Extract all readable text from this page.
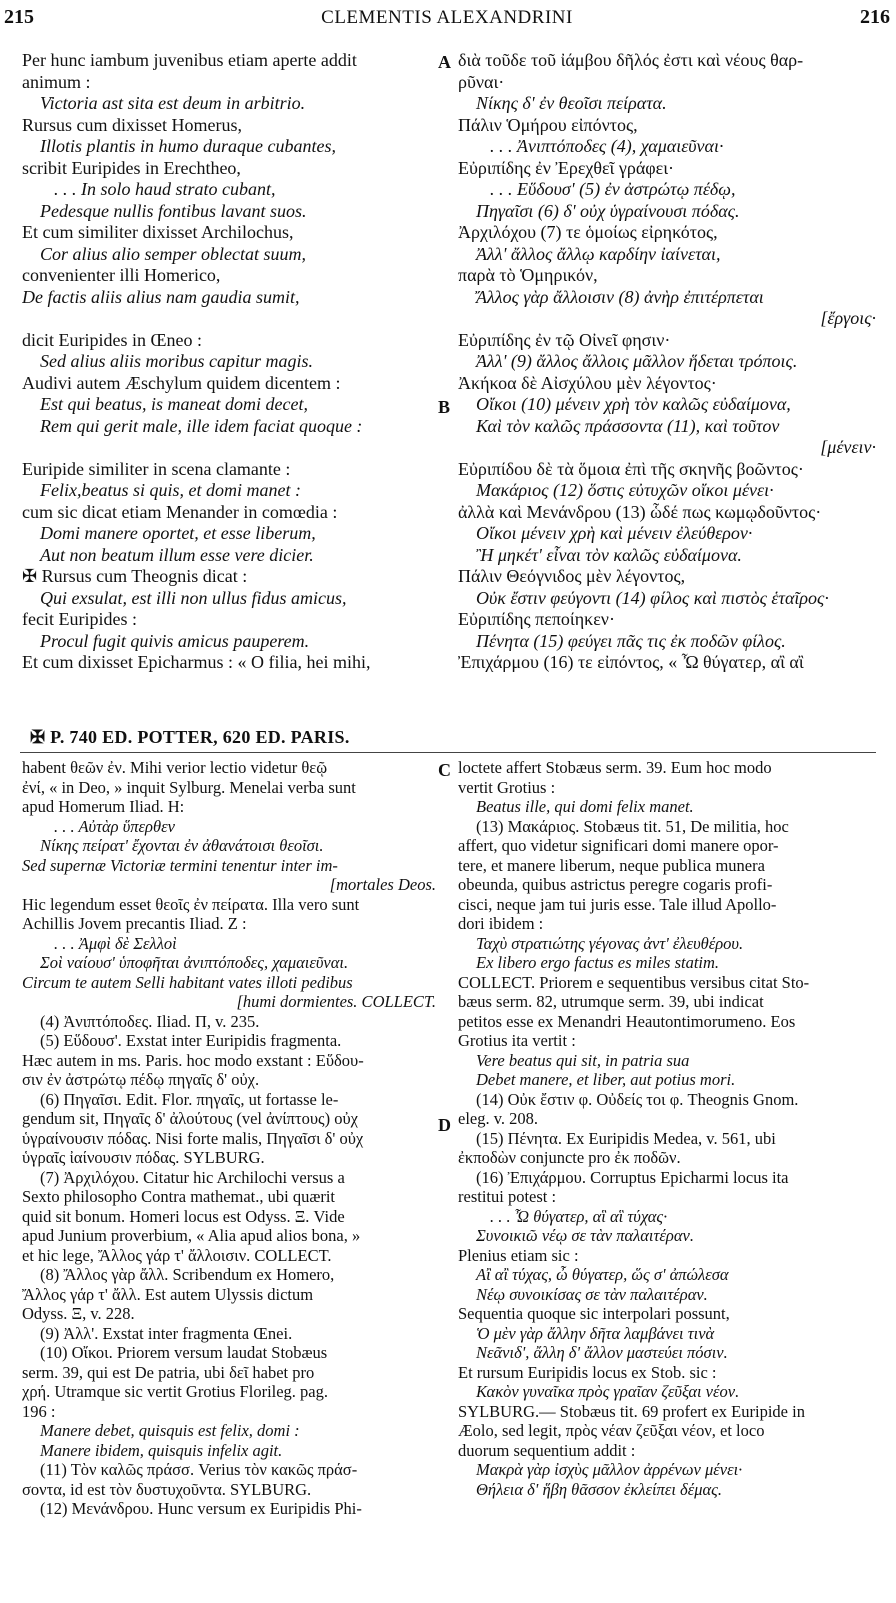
215	CLEMENTIS ALEXANDRINI	216
A
B
C
D
Per hunc iambum juvenibus etiam aperte addit
animum :
Victoria ast sita est deum in arbitrio.
Rursus cum dixisset Homerus,
Illotis plantis in humo duraque cubantes,
scribit Euripides in Erechtheo,
. . . In solo haud strato cubant,
Pedesque nullis fontibus lavant suos.
Et cum similiter dixisset Archilochus,
Cor alius alio semper oblectat suum,
convenienter illi Homerico,
De factis aliis alius nam gaudia sumit,
dicit Euripides in Œneo :
Sed alius aliis moribus capitur magis.
Audivi autem Æschylum quidem dicentem :
Est qui beatus, is maneat domi decet,
Rem qui gerit male, ille idem faciat quoque :
Euripide similiter in scena clamante :
Felix,beatus si quis, et domi manet :
cum sic dicat etiam Menander in comœdia :
Domi manere oportet, et esse liberum,
Aut non beatum illum esse vere dicier.
✠ Rursus cum Theognis dicat :
Qui exsulat, est illi non ullus fidus amicus,
fecit Euripides :
Procul fugit quivis amicus pauperem.
Et cum dixisset Epicharmus : « O filia, hei mihi,
διὰ τοῦδε τοῦ ἰάμβου δῆλός ἐστι καὶ νέους θαρ-
ρῦναι·
Νίκης δ' ἐν θεοῖσι πείρατα.
Πάλιν Ὁμήρου εἰπόντος,
. . . Ἀνιπτόποδες (4), χαμαιεῦναι·
Εὐριπίδης ἐν Ἐρεχθεῖ γράφει·
. . . Εὕδουσ' (5) ἐν ἀστρώτῳ πέδῳ,
Πηγαῖσι (6) δ' οὐχ ὑγραίνουσι πόδας.
Ἀρχιλόχου (7) τε ὁμοίως εἰρηκότος,
Ἀλλ' ἄλλος ἄλλῳ καρδίην ἰαίνεται,
παρὰ τὸ Ὁμηρικόν,
Ἄλλος γὰρ ἄλλοισιν (8) ἀνὴρ ἐπιτέρπεται
[ἔργοις·
Εὐριπίδης ἐν τῷ Οἰνεῖ φησιν·
Ἀλλ' (9) ἄλλος ἄλλοις μᾶλλον ἥδεται τρόποις.
Ἀκήκοα δὲ Αἰσχύλου μὲν λέγοντος·
Οἴκοι (10) μένειν χρὴ τὸν καλῶς εὐδαίμονα,
Καὶ τὸν καλῶς πράσσοντα (11), καὶ τοῦτον
[μένειν·
Εὐριπίδου δὲ τὰ ὅμοια ἐπὶ τῆς σκηνῆς βοῶντος·
Μακάριος (12) ὅστις εὐτυχῶν οἴκοι μένει·
ἀλλὰ καὶ Μενάνδρου (13) ὧδέ πως κωμῳδοῦντος·
Οἴκοι μένειν χρὴ καὶ μένειν ἐλεύθερον·
Ἢ μηκέτ' εἶναι τὸν καλῶς εὐδαίμονα.
Πάλιν Θεόγνιδος μὲν λέγοντος,
Οὐκ ἔστιν φεύγοντι (14) φίλος καὶ πιστὸς ἑταῖρος·
Εὐριπίδης πεποίηκεν·
Πένητα (15) φεύγει πᾶς τις ἐκ ποδῶν φίλος.
Ἐπιχάρμου (16) τε εἰπόντος, « Ὦ θύγατερ, αἲ αἲ
✠ P. 740 ED. POTTER, 620 ED. PARIS.
habent θεῶν ἐν. Mihi verior lectio videtur θεῷ
ἐνί, « in Deo, » inquit Sylburg. Menelai verba sunt
apud Homerum Iliad. H:
. . . Αὐτὰρ ὕπερθεν
Νίκης πείρατ' ἔχονται ἐν ἀθανάτοισι θεοῖσι.
Sed supernæ Victoriæ termini tenentur inter im-
[mortales Deos.
Hic legendum esset θεοῖς ἐν πείρατα. Illa vero sunt
Achillis Jovem precantis Iliad. Z :
. . . Ἀμφὶ δὲ Σελλοὶ
Σοὶ ναίουσ' ὑποφῆται ἀνιπτόποδες, χαμαιεῦναι.
Circum te autem Selli habitant vates illoti pedibus
[humi dormientes. COLLECT.
(4) Ἀνιπτόποδες. Iliad. Π, v. 235.
(5) Εὕδουσ'. Exstat inter Euripidis fragmenta.
Hæc autem in ms. Paris. hoc modo exstant : Εὕδου-
σιν ἐν ἀστρώτῳ πέδῳ πηγαῖς δ' οὐχ.
(6) Πηγαῖσι. Edit. Flor. πηγαῖς, ut fortasse le-
gendum sit, Πηγαῖς δ' ἀλούτους (vel ἀνίπτους) οὐχ
ὑγραίνουσιν πόδας. Nisi forte malis, Πηγαῖσι δ' οὐχ
ὑγραῖς ἰαίνουσιν πόδας. SYLBURG.
(7) Ἀρχιλόχου. Citatur hic Archilochi versus a
Sexto philosopho Contra mathemat., ubi quærit
quid sit bonum. Homeri locus est Odyss. Ξ. Vide
apud Junium proverbium, « Alia apud alios bona, »
et hic lege, Ἄλλος γάρ τ' ἄλλοισιν. COLLECT.
(8) Ἄλλος γὰρ ἄλλ. Scribendum ex Homero,
Ἄλλος γάρ τ' ἄλλ. Est autem Ulyssis dictum
Odyss. Ξ, v. 228.
(9) Ἀλλ'. Exstat inter fragmenta Œnei.
(10) Οἴκοι. Priorem versum laudat Stobæus
serm. 39, qui est De patria, ubi δεῖ habet pro
χρή. Utramque sic vertit Grotius Florileg. pag.
196 :
Manere debet, quisquis est felix, domi :
Manere ibidem, quisquis infelix agit.
(11) Τὸν καλῶς πράσσ. Verius τὸν κακῶς πράσ-
σοντα, id est τὸν δυστυχοῦντα. SYLBURG.
(12) Μενάνδρου. Hunc versum ex Euripidis Phi-
loctete affert Stobæus serm. 39. Eum hoc modo
vertit Grotius :
Beatus ille, qui domi felix manet.
(13) Μακάριος. Stobæus tit. 51, De militia, hoc
affert, quo videtur significari domi manere opor-
tere, et manere liberum, neque publica munera
obeunda, quibus astrictus peregre cogaris profi-
cisci, neque jam tui juris esse. Tale illud Apollo-
dori ibidem :
Ταχὺ στρατιώτης γέγονας ἀντ' ἐλευθέρου.
Ex libero ergo factus es miles statim.
COLLECT. Priorem e sequentibus versibus citat Sto-
bæus serm. 82, utrumque serm. 39, ubi indicat
petitos esse ex Menandri Heautontimorumeno. Eos
Grotius ita vertit :
Vere beatus qui sit, in patria sua
Debet manere, et liber, aut potius mori.
(14) Οὐκ ἔστιν φ. Οὐδείς τοι φ. Theognis Gnom.
eleg. v. 208.
(15) Πένητα. Ex Euripidis Medea, v. 561, ubi
ἐκποδὼν conjuncte pro ἐκ ποδῶν.
(16) Ἐπιχάρμου. Corruptus Epicharmi locus ita
restitui potest :
. . . Ὦ θύγατερ, αἳ αἳ τύχας·
Συνοικιῶ νέῳ σε τὰν παλαιτέραν.
Plenius etiam sic :
Αἲ αἲ τύχας, ὦ θύγατερ, ὥς σ' ἀπώλεσα
Νέῳ συνοικίσας σε τὰν παλαιτέραν.
Sequentia quoque sic interpolari possunt,
Ὁ μὲν γὰρ ἄλλην δῆτα λαμβάνει τινὰ
Νεᾶνιδ', ἄλλη δ' ἄλλον μαστεύει πόσιν.
Et rursum Euripidis locus ex Stob. sic :
Κακὸν γυναῖκα πρὸς γραῖαν ζεῦξαι νέον.
SYLBURG.— Stobæus tit. 69 profert ex Euripide in
Æolo, sed legit, πρὸς νέαν ζεῦξαι νέον, et loco
duorum sequentium addit :
Μακρὰ γὰρ ἰσχὺς μᾶλλον ἀρρένων μένει·
Θήλεια δ' ἥβη θᾶσσον ἐκλείπει δέμας.
